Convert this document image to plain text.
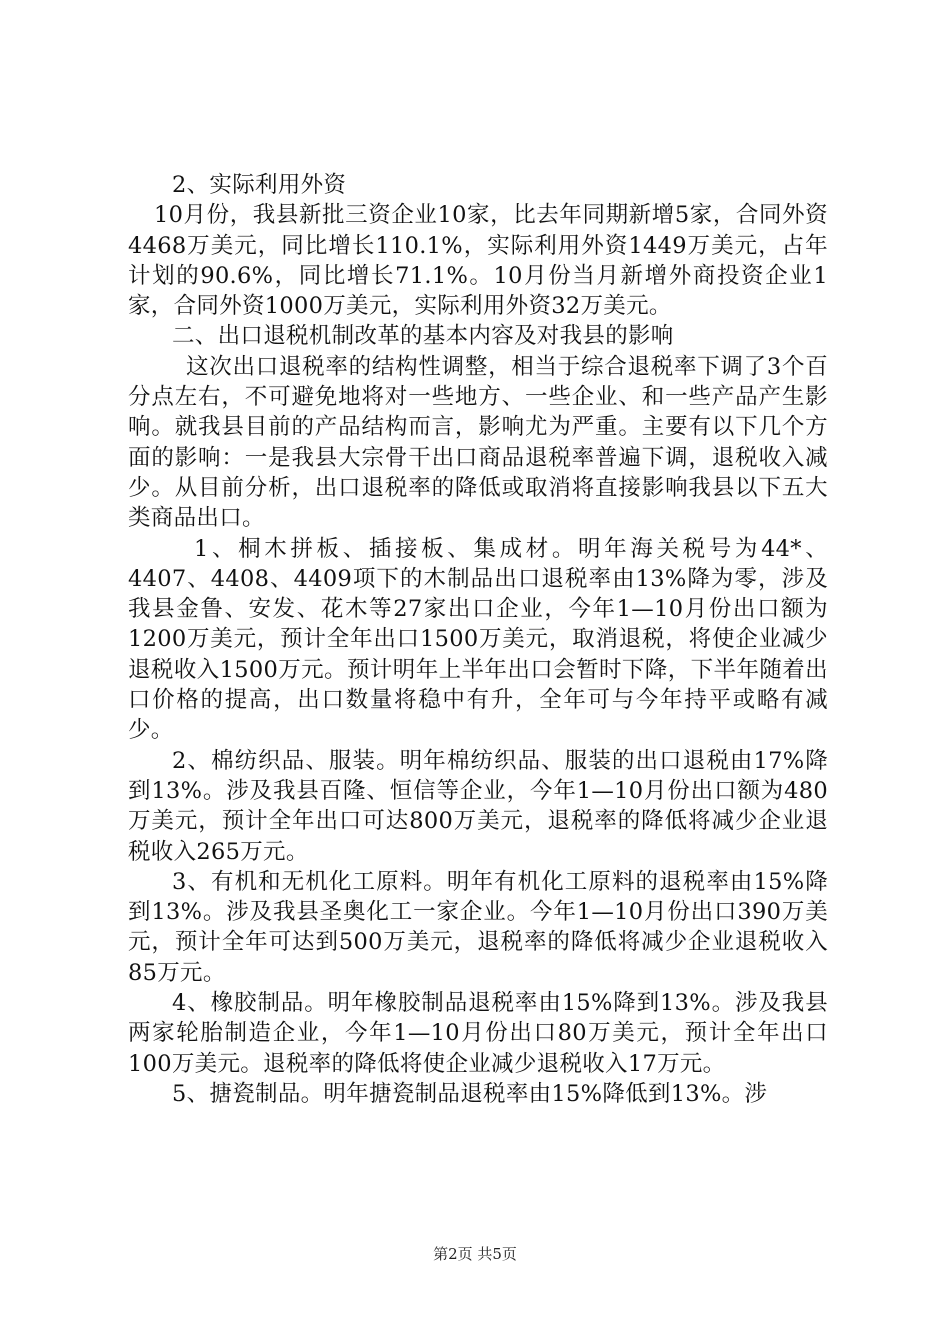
2、实际利用外资

10月份，我县新批三资企业10家，比去年同期新增5家，合同外资4468万美元，同比增长110.1%，实际利用外资1449万美元，占年计划的90.6%，同比增长71.1%。10月份当月新增外商投资企业1家，合同外资1000万美元，实际利用外资32万美元。

二、出口退税机制改革的基本内容及对我县的影响

这次出口退税率的结构性调整，相当于综合退税率下调了3个百分点左右，不可避免地将对一些地方、一些企业、和一些产品产生影响。就我县目前的产品结构而言，影响尤为严重。主要有以下几个方面的影响：一是我县大宗骨干出口商品退税率普遍下调，退税收入减少。从目前分析，出口退税率的降低或取消将直接影响我县以下五大类商品出口。

1、桐木拼板、插接板、集成材。明年海关税号为44*、4407、4408、4409项下的木制品出口退税率由13%降为零，涉及我县金鲁、安发、花木等27家出口企业，今年1—10月份出口额为1200万美元，预计全年出口1500万美元，取消退税，将使企业减少退税收入1500万元。预计明年上半年出口会暂时下降，下半年随着出口价格的提高，出口数量将稳中有升，全年可与今年持平或略有减少。

2、棉纺织品、服装。明年棉纺织品、服装的出口退税由17%降到13%。涉及我县百隆、恒信等企业，今年1—10月份出口额为480万美元，预计全年出口可达800万美元，退税率的降低将减少企业退税收入265万元。

3、有机和无机化工原料。明年有机化工原料的退税率由15%降到13%。涉及我县圣奥化工一家企业。今年1—10月份出口390万美元，预计全年可达到500万美元，退税率的降低将减少企业退税收入85万元。

4、橡胶制品。明年橡胶制品退税率由15%降到13%。涉及我县两家轮胎制造企业，今年1—10月份出口80万美元，预计全年出口100万美元。退税率的降低将使企业减少退税收入17万元。

5、搪瓷制品。明年搪瓷制品退税率由15%降低到13%。涉

第2页 共5页
